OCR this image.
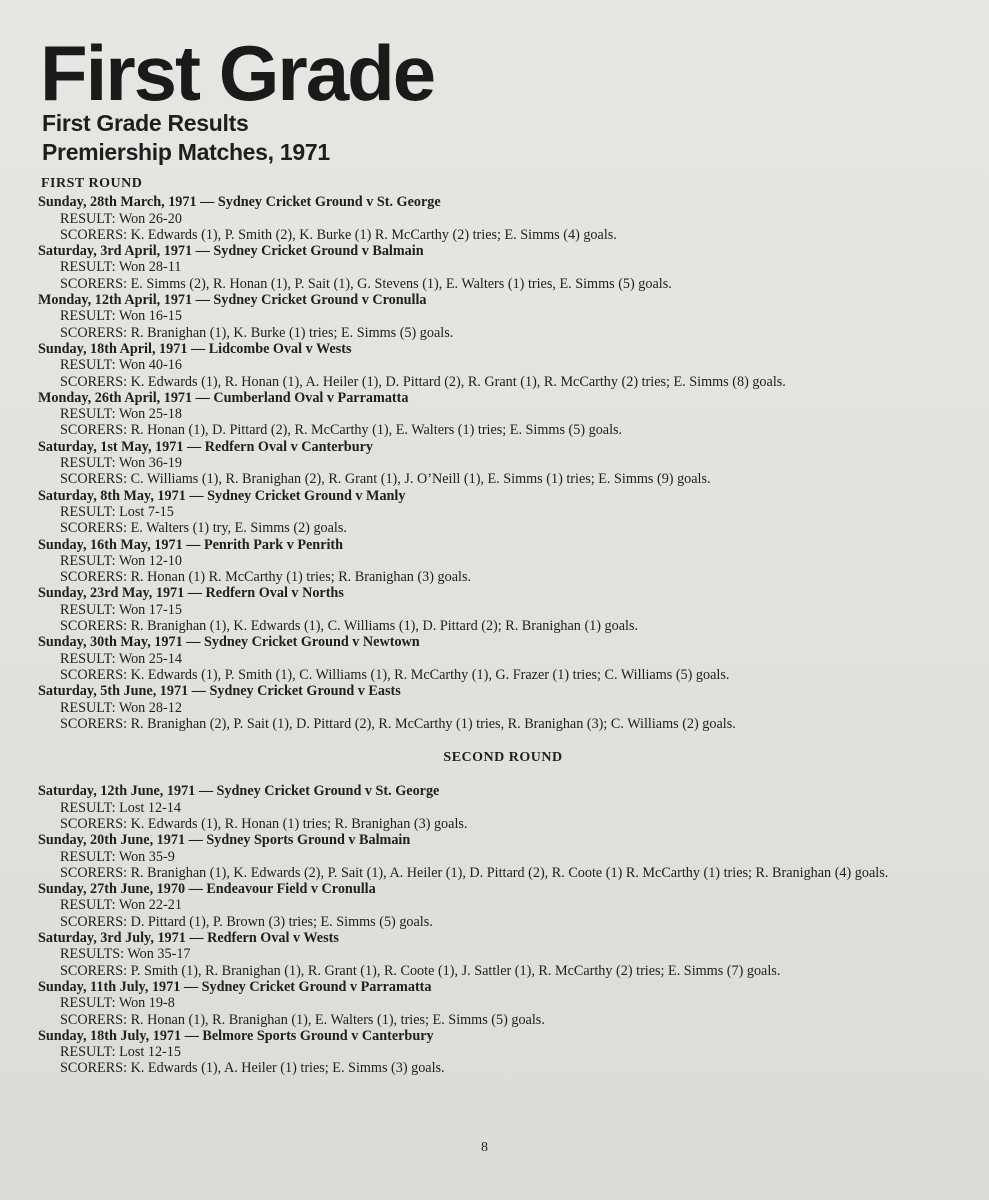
First Grade
First Grade Results
Premiership Matches, 1971
FIRST ROUND
Sunday, 28th March, 1971 — Sydney Cricket Ground v St. George
RESULT: Won 26-20
SCORERS: K. Edwards (1), P. Smith (2), K. Burke (1) R. McCarthy (2) tries; E. Simms (4) goals.
Saturday, 3rd April, 1971 — Sydney Cricket Ground v Balmain
RESULT: Won 28-11
SCORERS: E. Simms (2), R. Honan (1), P. Sait (1), G. Stevens (1), E. Walters (1) tries, E. Simms (5) goals.
Monday, 12th April, 1971 — Sydney Cricket Ground v Cronulla
RESULT: Won 16-15
SCORERS: R. Branighan (1), K. Burke (1) tries; E. Simms (5) goals.
Sunday, 18th April, 1971 — Lidcombe Oval v Wests
RESULT: Won 40-16
SCORERS: K. Edwards (1), R. Honan (1), A. Heiler (1), D. Pittard (2), R. Grant (1), R. McCarthy (2) tries; E. Simms (8) goals.
Monday, 26th April, 1971 — Cumberland Oval v Parramatta
RESULT: Won 25-18
SCORERS: R. Honan (1), D. Pittard (2), R. McCarthy (1), E. Walters (1) tries; E. Simms (5) goals.
Saturday, 1st May, 1971 — Redfern Oval v Canterbury
RESULT: Won 36-19
SCORERS: C. Williams (1), R. Branighan (2), R. Grant (1), J. O’Neill (1), E. Simms (1) tries; E. Simms (9) goals.
Saturday, 8th May, 1971 — Sydney Cricket Ground v Manly
RESULT: Lost 7-15
SCORERS: E. Walters (1) try, E. Simms (2) goals.
Sunday, 16th May, 1971 — Penrith Park v Penrith
RESULT: Won 12-10
SCORERS: R. Honan (1) R. McCarthy (1) tries; R. Branighan (3) goals.
Sunday, 23rd May, 1971 — Redfern Oval v Norths
RESULT: Won 17-15
SCORERS: R. Branighan (1), K. Edwards (1), C. Williams (1), D. Pittard (2); R. Branighan (1) goals.
Sunday, 30th May, 1971 — Sydney Cricket Ground v Newtown
RESULT: Won 25-14
SCORERS: K. Edwards (1), P. Smith (1), C. Williams (1), R. McCarthy (1), G. Frazer (1) tries; C. Williams (5) goals.
Saturday, 5th June, 1971 — Sydney Cricket Ground v Easts
RESULT: Won 28-12
SCORERS: R. Branighan (2), P. Sait (1), D. Pittard (2), R. McCarthy (1) tries, R. Branighan (3); C. Williams (2) goals.
SECOND ROUND
Saturday, 12th June, 1971 — Sydney Cricket Ground v St. George
RESULT: Lost 12-14
SCORERS: K. Edwards (1), R. Honan (1) tries; R. Branighan (3) goals.
Sunday, 20th June, 1971 — Sydney Sports Ground v Balmain
RESULT: Won 35-9
SCORERS: R. Branighan (1), K. Edwards (2), P. Sait (1), A. Heiler (1), D. Pittard (2), R. Coote (1) R. McCarthy (1) tries; R. Branighan (4) goals.
Sunday, 27th June, 1970 — Endeavour Field v Cronulla
RESULT: Won 22-21
SCORERS: D. Pittard (1), P. Brown (3) tries; E. Simms (5) goals.
Saturday, 3rd July, 1971 — Redfern Oval v Wests
RESULTS: Won 35-17
SCORERS: P. Smith (1), R. Branighan (1), R. Grant (1), R. Coote (1), J. Sattler (1), R. McCarthy (2) tries; E. Simms (7) goals.
Sunday, 11th July, 1971 — Sydney Cricket Ground v Parramatta
RESULT: Won 19-8
SCORERS: R. Honan (1), R. Branighan (1), E. Walters (1), tries; E. Simms (5) goals.
Sunday, 18th July, 1971 — Belmore Sports Ground v Canterbury
RESULT: Lost 12-15
SCORERS: K. Edwards (1), A. Heiler (1) tries; E. Simms (3) goals.
8
